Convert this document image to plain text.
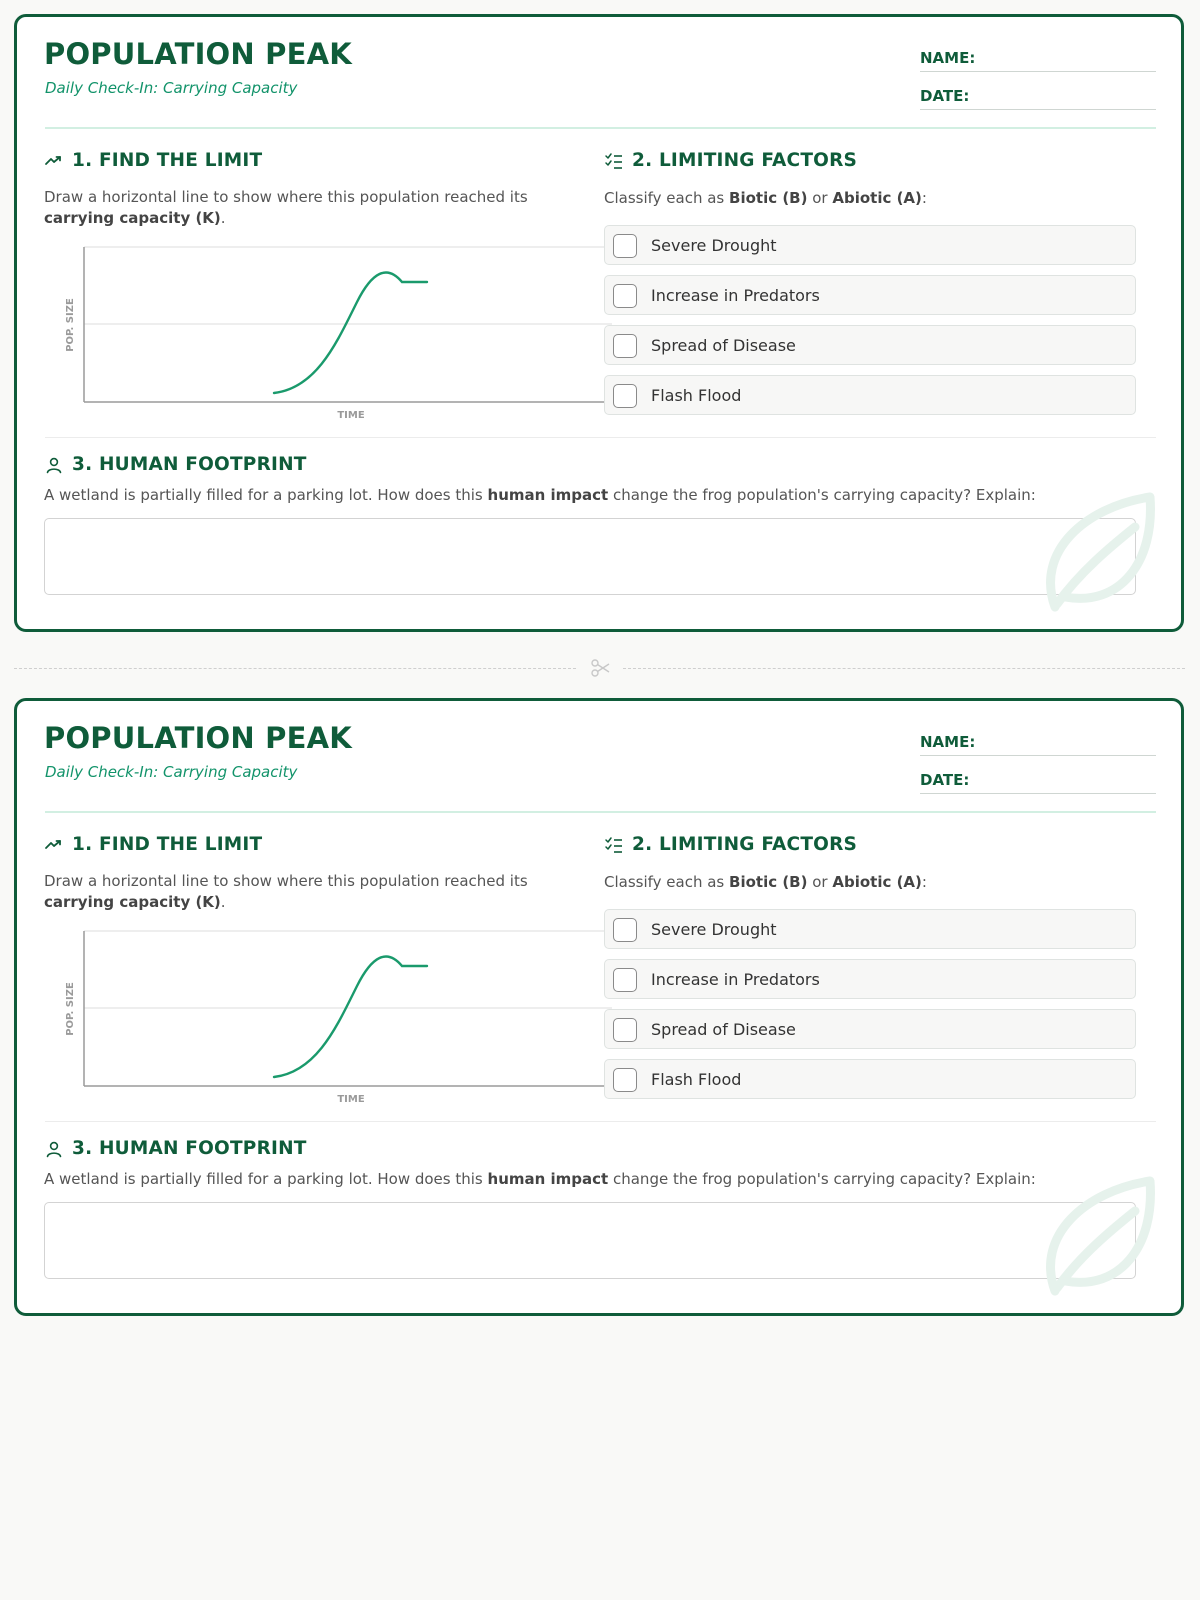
POPULATION PEAK
Daily Check-In: Carrying Capacity
NAME:
DATE:
1. FIND THE LIMIT
Draw a horizontal line to show where this population reached its carrying capacity (K).
POP. SIZE
TIME
2. LIMITING FACTORS
Classify each as Biotic (B) or Abiotic (A):
Severe Drought
Increase in Predators
Spread of Disease
Flash Flood
3. HUMAN FOOTPRINT
A wetland is partially filled for a parking lot. How does this human impact change the frog population's carrying capacity? Explain:
POPULATION PEAK
Daily Check-In: Carrying Capacity
NAME:
DATE:
1. FIND THE LIMIT
Draw a horizontal line to show where this population reached its carrying capacity (K).
POP. SIZE
TIME
2. LIMITING FACTORS
Classify each as Biotic (B) or Abiotic (A):
Severe Drought
Increase in Predators
Spread of Disease
Flash Flood
3. HUMAN FOOTPRINT
A wetland is partially filled for a parking lot. How does this human impact change the frog population's carrying capacity? Explain:
